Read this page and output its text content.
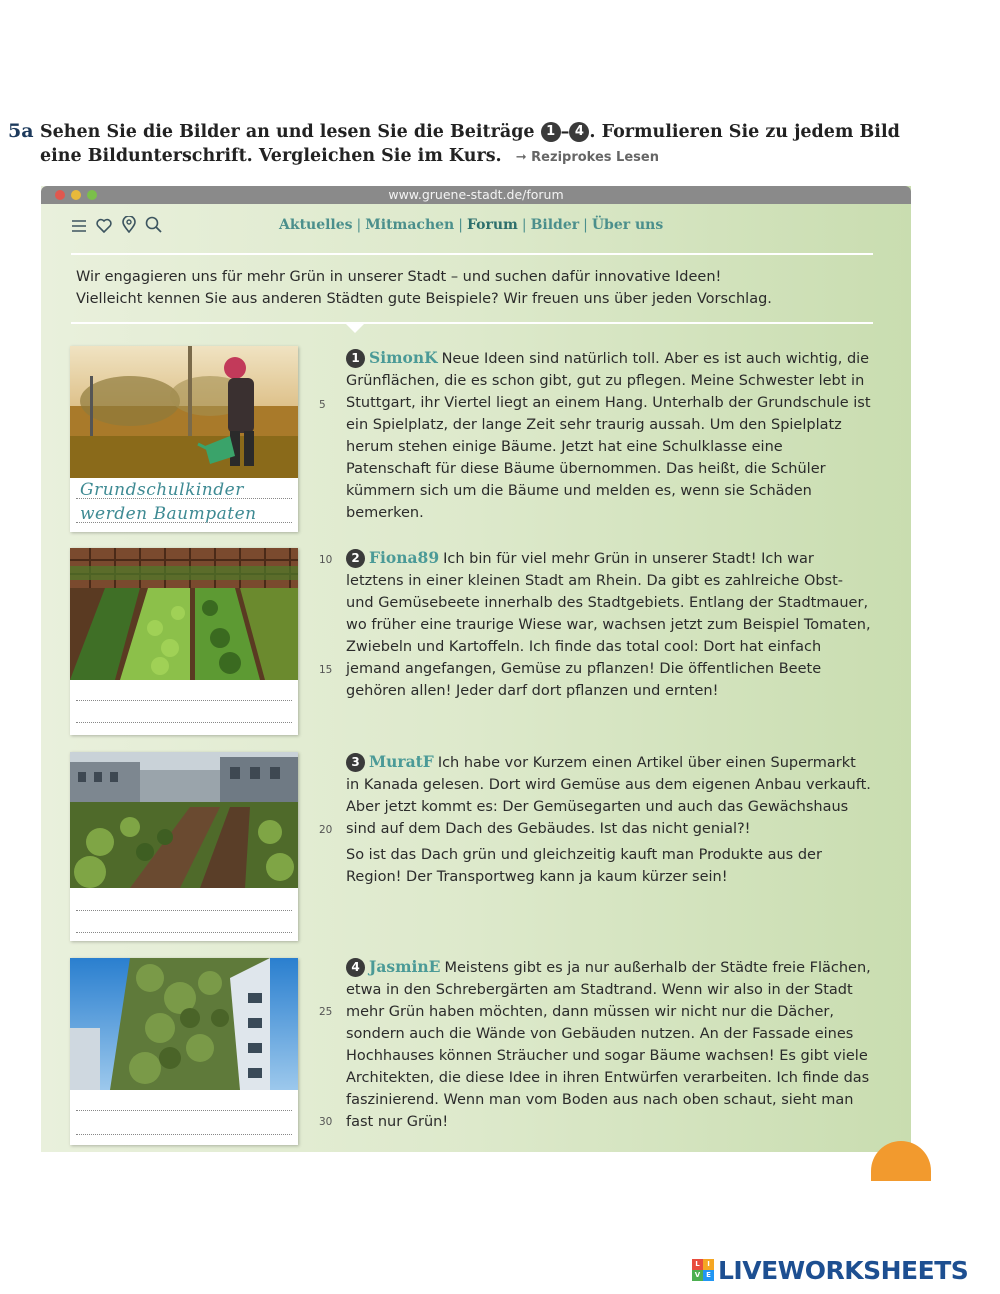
5a Sehen Sie die Bilder an und lesen Sie die Beiträge 1 – 4 . Formulieren Sie zu jedem Bild eine Bildunterschrift. Vergleichen Sie im Kurs. ➞ Reziprokes Lesen
www.gruene-stadt.de/forum

Aktuelles | Mitmachen | Forum | Bilder | Über uns
Wir engagieren uns für mehr Grün in unserer Stadt – und suchen dafür innovative Ideen!
Vielleicht kennen Sie aus anderen Städten gute Beispiele? Wir freuen uns über jeden Vorschlag.
Grundschulkinder
werden Baumpaten
1 SimonK Neue Ideen sind natürlich toll. Aber es ist auch wichtig, die Grünflächen, die es schon gibt, gut zu pflegen. Meine Schwester lebt in Stuttgart, ihr Viertel liegt an einem Hang. Unterhalb der Grundschule ist ein Spielplatz, der lange Zeit sehr traurig aussah. Um den Spielplatz herum stehen einige Bäume. Jetzt hat eine Schulklasse eine Patenschaft für diese Bäume übernommen. Das heißt, die Schüler kümmern sich um die Bäume und melden es, wenn sie Schäden bemerken.
2 Fiona89 Ich bin für viel mehr Grün in unserer Stadt! Ich war letztens in einer kleinen Stadt am Rhein. Da gibt es zahlreiche Obst- und Gemüsebeete innerhalb des Stadtgebiets. Entlang der Stadtmauer, wo früher eine traurige Wiese war, wachsen jetzt zum Beispiel Tomaten, Zwiebeln und Kartoffeln. Ich finde das total cool: Dort hat einfach jemand angefangen, Gemüse zu pflanzen! Die öffentlichen Beete gehören allen! Jeder darf dort pflanzen und ernten!
3 MuratF Ich habe vor Kurzem einen Artikel über einen Supermarkt in Kanada gelesen. Dort wird Gemüse aus dem eigenen Anbau verkauft. Aber jetzt kommt es: Der Gemüsegarten und auch das Gewächshaus sind auf dem Dach des Gebäudes. Ist das nicht genial?!
So ist das Dach grün und gleichzeitig kauft man Produkte aus der Region! Der Transportweg kann ja kaum kürzer sein!
4 JasminE Meistens gibt es ja nur außerhalb der Städte freie Flächen, etwa in den Schrebergärten am Stadtrand. Wenn wir also in der Stadt mehr Grün haben möchten, dann müssen wir nicht nur die Dächer, sondern auch die Wände von Gebäuden nutzen. An der Fassade eines Hochhauses können Sträucher und sogar Bäume wachsen! Es gibt viele Architekten, die diese Idee in ihren Entwürfen verarbeiten. Ich finde das faszinierend. Wenn man vom Boden aus nach oben schaut, sieht man fast nur Grün!
5
10
15
20
25
30
L	I
V E LIVEWORKSHEETS
